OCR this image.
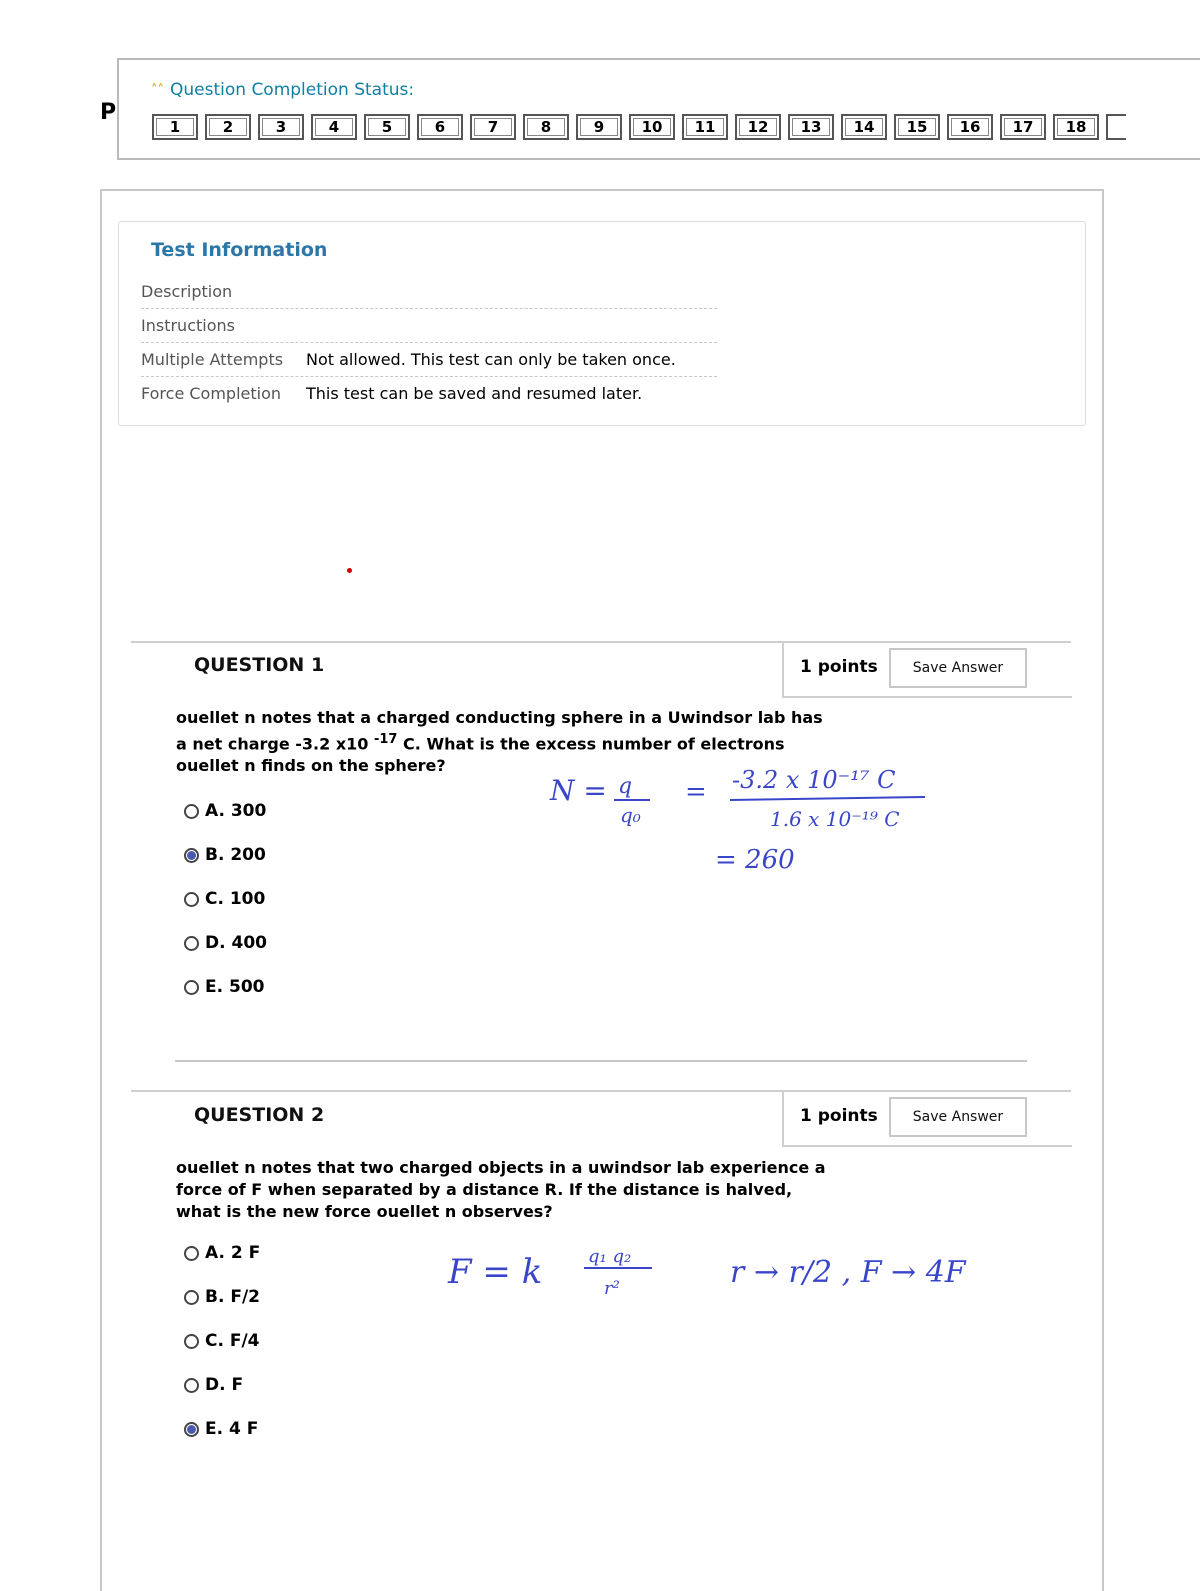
P
˄˄ Question Completion Status:
1	2	3	4	5	6	7	8	9	10	11	12	13	14	15	16	17	18
Test Information
Description
Instructions
Multiple Attempts	Not allowed. This test can only be taken once.
Force Completion	This test can be saved and resumed later.
QUESTION 1	1 points	Save Answer
ouellet n notes that a charged conducting sphere in a Uwindsor lab has a net charge -3.2 x10 $^{-17}$ C. What is the excess number of electrons ouellet n finds on the sphere?
A. 300
B. 200
C. 100
D. 400
E. 500
QUESTION 2	1 points	Save Answer
ouellet n notes that two charged objects in a uwindsor lab experience a force of F when separated by a distance R. If the distance is halved, what is the new force ouellet n observes?
A. 2 F
B. F/2
C. F/4
D. F
E. 4 F
N = q
q₀
= -3.2 x 10⁻¹⁷ C
1.6 x 10⁻¹⁹ C
= 260
F = k	q₁ q₂
r²	r → r/2 , F → 4F
